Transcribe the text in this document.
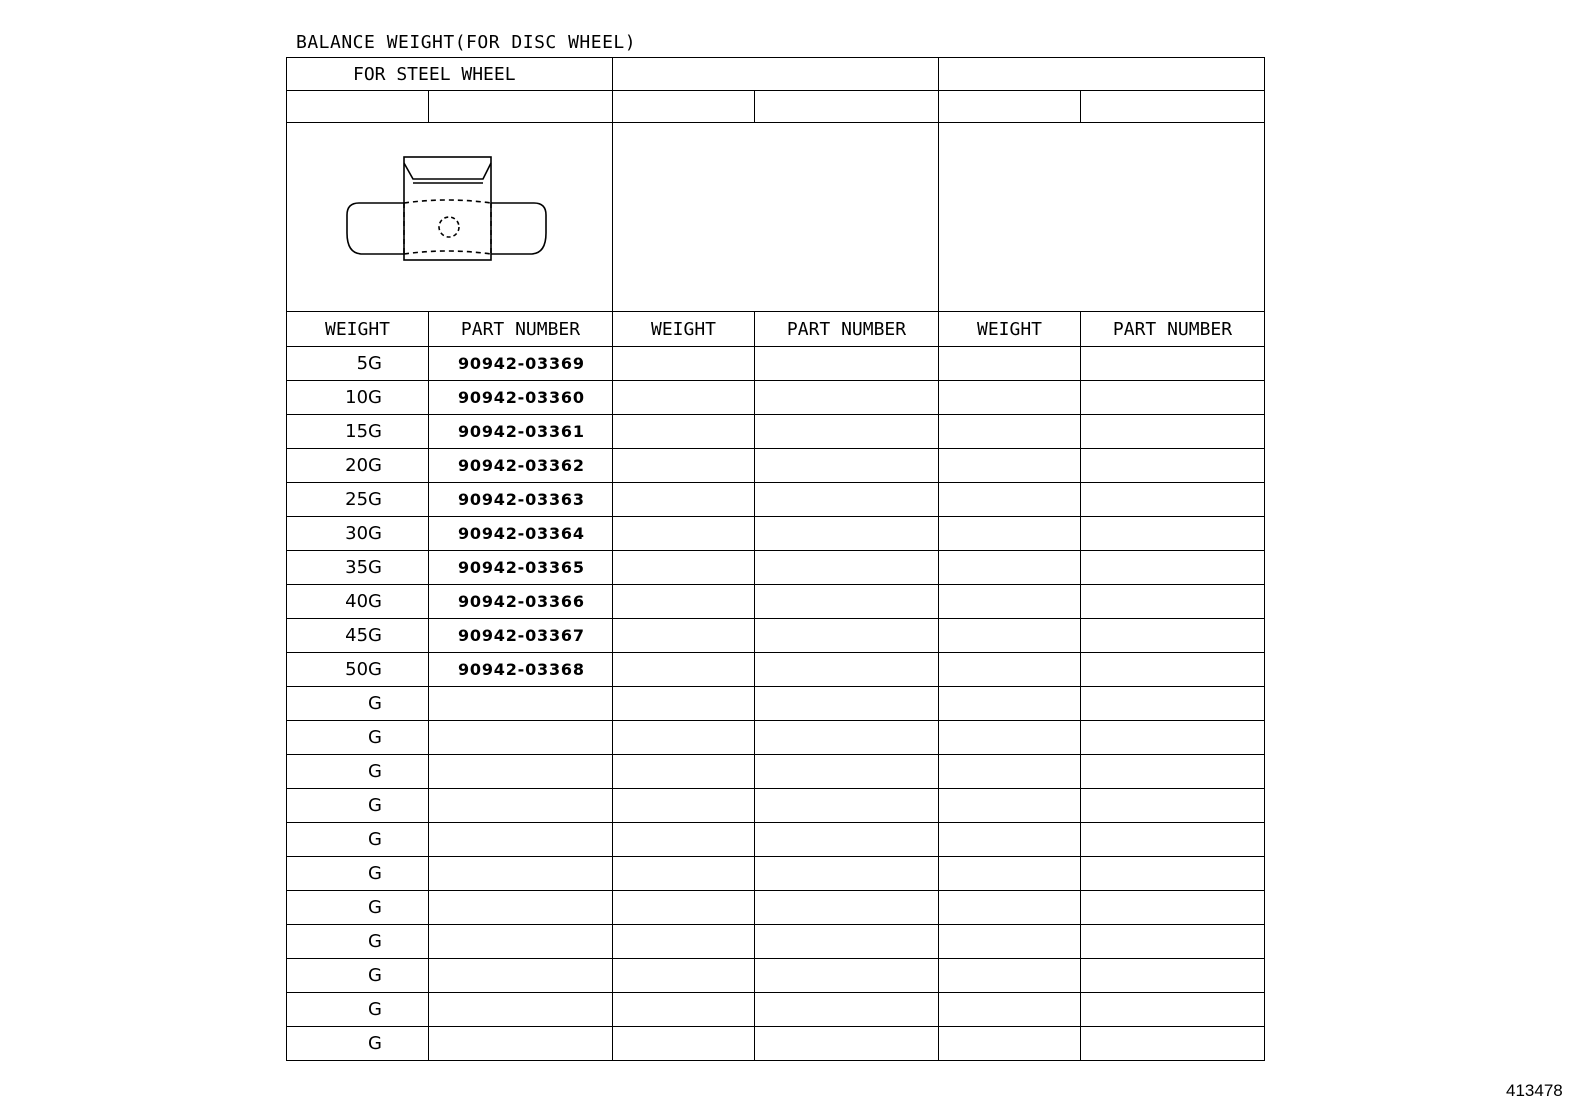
BALANCE WEIGHT(FOR DISC WHEEL)
FOR STEEL WHEEL					

WEIGHT	PART NUMBER	WEIGHT	PART NUMBER	WEIGHT	PART NUMBER
5G	90942-03369				
10G	90942-03360				
15G	90942-03361				
20G	90942-03362				
25G	90942-03363				
30G	90942-03364				
35G	90942-03365				
40G	90942-03366				
45G	90942-03367				
50G	90942-03368				
G					
G					
G					
G					
G					
G					
G					
G					
G					
G					
G					
413478
